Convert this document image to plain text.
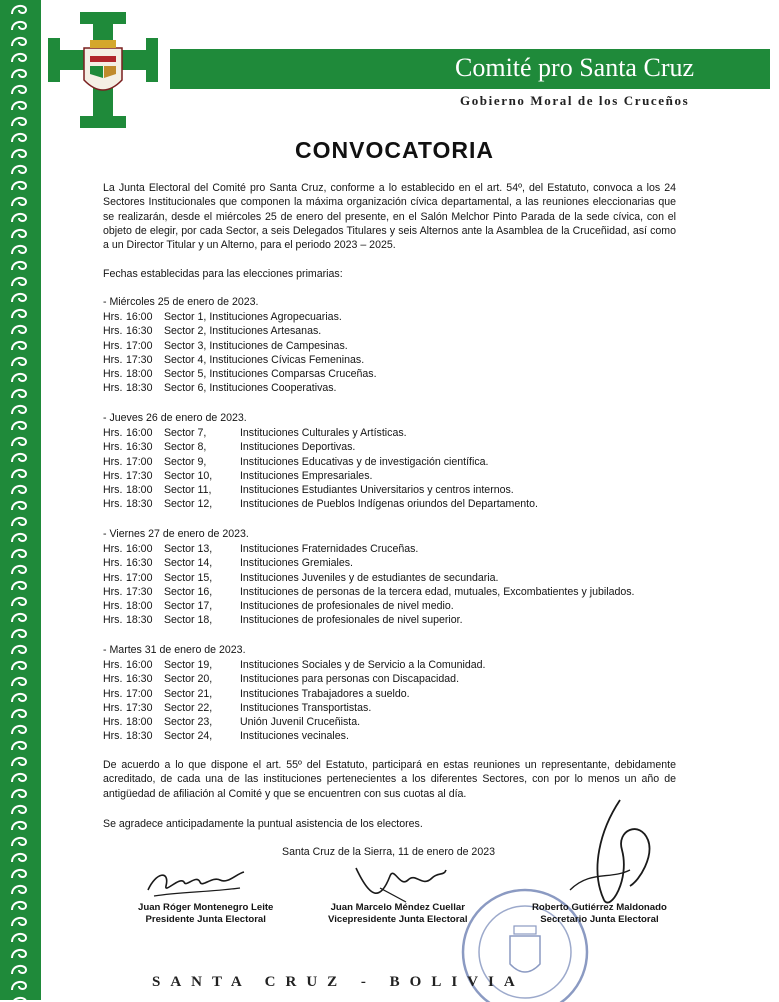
Comité pro Santa Cruz
Gobierno Moral de los Cruceños
CONVOCATORIA
La Junta Electoral del Comité pro Santa Cruz, conforme a lo establecido en el art. 54º, del Estatuto, convoca a los 24 Sectores Institucionales que componen la máxima organización cívica departamental, a las reuniones eleccionarias que se realizarán, desde el miércoles 25 de enero del presente, en el Salón Melchor Pinto Parada de la sede cívica, con el objeto de elegir, por cada Sector, a seis Delegados Titulares y seis Alternos ante la Asamblea de la Cruceñidad, así como a un Director Titular y un Alterno, para el periodo 2023 – 2025.
Fechas establecidas para las elecciones primarias:
- Miércoles 25 de enero de 2023.
Hrs. 16:00 Sector 1, Instituciones Agropecuarias.
Hrs. 16:30 Sector 2, Instituciones Artesanas.
Hrs. 17:00 Sector 3, Instituciones de Campesinas.
Hrs. 17:30 Sector 4, Instituciones Cívicas Femeninas.
Hrs. 18:00 Sector 5, Instituciones Comparsas Cruceñas.
Hrs. 18:30 Sector 6, Instituciones Cooperativas.
- Jueves 26 de enero de 2023.
Hrs. 16:00 Sector 7,	Instituciones Culturales y Artísticas.
Hrs. 16:30 Sector 8,	Instituciones Deportivas.
Hrs. 17:00 Sector 9,	Instituciones Educativas y de investigación científica.
Hrs. 17:30 Sector 10,	Instituciones Empresariales.
Hrs. 18:00 Sector 11,	Instituciones Estudiantes Universitarios y centros internos.
Hrs. 18:30 Sector 12,	Instituciones de Pueblos Indígenas oriundos del Departamento.
- Viernes 27 de enero de 2023.
Hrs. 16:00 Sector 13,	Instituciones Fraternidades Cruceñas.
Hrs. 16:30 Sector 14,	Instituciones Gremiales.
Hrs. 17:00 Sector 15,	Instituciones Juveniles y de estudiantes de secundaria.
Hrs. 17:30 Sector 16,	Instituciones de personas de la tercera edad, mutuales, Excombatientes y jubilados.
Hrs. 18:00 Sector 17,	Instituciones de profesionales de nivel medio.
Hrs. 18:30 Sector 18,	Instituciones de profesionales de nivel superior.
- Martes 31 de enero de 2023.
Hrs. 16:00 Sector 19,	Instituciones Sociales y de Servicio a la Comunidad.
Hrs. 16:30 Sector 20,	Instituciones para personas con Discapacidad.
Hrs. 17:00 Sector 21,	Instituciones Trabajadores a sueldo.
Hrs. 17:30 Sector 22,	Instituciones Transportistas.
Hrs. 18:00 Sector 23,	Unión Juvenil Cruceñista.
Hrs. 18:30 Sector 24,	Instituciones vecinales.
De acuerdo a lo que dispone el art. 55º del Estatuto, participará en estas reuniones un representante, debidamente acreditado, de cada una de las instituciones pertenecientes a los diferentes Sectores, con por lo menos un año de antigüedad de afiliación al Comité y que se encuentren con sus cuotas al día.
Se agradece anticipadamente la puntual asistencia de los electores.
Santa Cruz de la Sierra, 11 de enero de 2023
Juan Róger Montenegro Leite
Presidente Junta Electoral
Juan Marcelo Méndez Cuellar
Vicepresidente Junta Electoral
Roberto Gutiérrez Maldonado
Secretario Junta Electoral
SANTA CRUZ - BOLIVIA
